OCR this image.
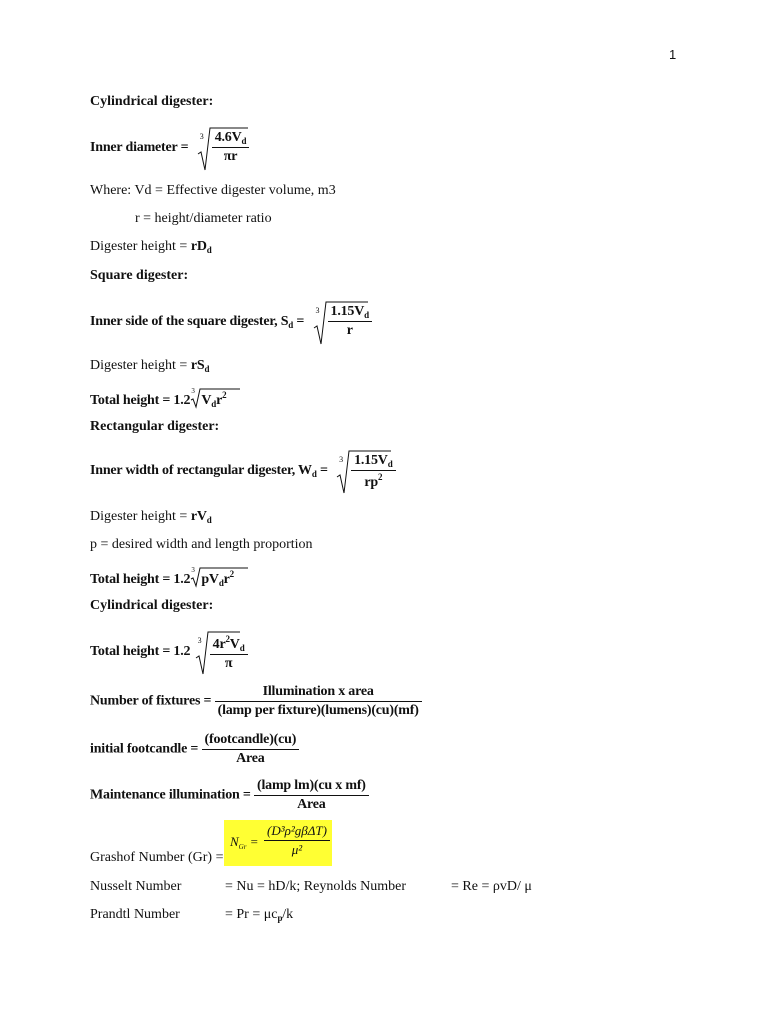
1
Cylindrical digester:
Inner diameter =
$3 \frac{4.6V_d}{\pi r}$
Where: Vd = Effective digester volume, m3
r = height/diameter ratio
Digester height = $rD_d$
Square digester:
Inner side of the square digester, $S_d$ =
$3 \frac{1.15V_d}{r}$
Digester height = $rS_d$
Total height = 1.2
3
$V_dr^2$
Rectangular digester:
Inner width of rectangular digester, $W_d$ =
$3 \frac{1.15V_d}{rp^2}$
Digester height = $rV_d$
p = desired width and length proportion
Total height = 1.2
3
$pV_dr^2$
Cylindrical digester:
Total height = 1.2
$3 \frac{4r^2V_d}{\pi}$
Number of fixtures = $\frac{\text{Illumination x area}}{\text{(lamp per fixture)(lumens)(cu)(mf)}}$
initial footcandle = $\frac{\text{(footcandle)(cu)}}{\text{Area}}$
Maintenance illumination = $\frac{\text{(lamp lm)(cu x mf)}}{\text{Area}}$
Grashof Number (Gr) =
$N_{Gr}$ =
(D³ρ²gβΔT)
μ²
Nusselt Number	= Nu = hD/k; Reynolds Number	= Re = ρvD/ μ
Prandtl Number	= $Pr = \mu c_p/k$
